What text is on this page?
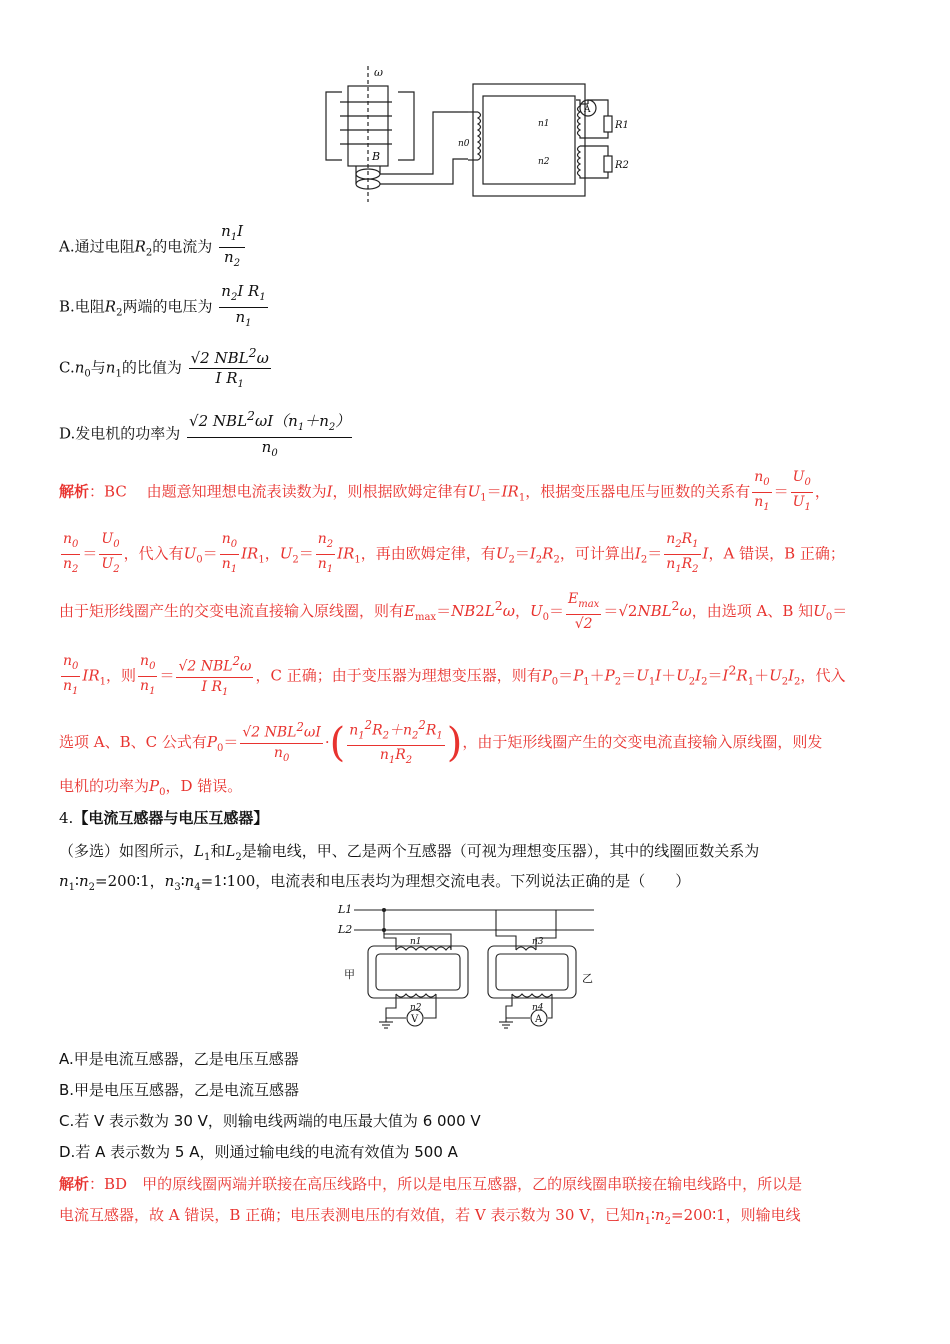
ω
B
n0
n1
n2
R1
R2
A
A.通过电阻$R_2$的电流为 $\frac{n_1I}{n_2}$
B.电阻$R_2$两端的电压为 $\frac{n_2I R_1}{n_1}$
$C.n_0$与$n_1$的比值为 $\frac{√2 NBL^2\omega}{I R_1}$
D.发电机的功率为 $\frac{√2 NBL^2\omega I(n_1+n_2)}{n_0}$
解析：BC　 由题意知理想电流表读数为I，则根据欧姆定律有$U_1=IR_1$，根据变压器电压与匝数的关系有 $\frac{n_0}{n_1} = \frac{U_0}{U_1}$ ，
$\frac{n_0}{n_2} = \frac{U_0}{U_2}$ ，代入有$U_0= \frac{n_0}{n_1} IR_1$，$U_2= \frac{n_2}{n_1} IR_1$，再由欧姆定律，有$U_2=I_2R_2$，可计算出$I_2= \frac{n_2R_1}{n_1R_2}$ I，A 错误，B 正确；
由于矩形线圈产生的交变电流直接输入原线圈，则有$E_{max}=NB2L^2\omega$，$U_0= \frac{E_{max}}{√2} =√2NBL^2\omega$，由选项 A、B 知$U_0=$
$\frac{n_0}{n_1} IR_1$，则 $\frac{n_0}{n_1} = \frac{√2 NBL^2\omega}{I R_1}$ ，C 正确；由于变压器为理想变压器，则有$P_0=P_1+P_2=U_1I+U_2I_2=I^2R_1+U_2I_2$，代入
选项 A、B、C 公式有$P_0= \frac{√2 NBL^2\omega I}{n_0}$ ·( $\frac{n_1^2R_2+n_2^2R_1}{n_1R_2}$ )，由于矩形线圈产生的交变电流直接输入原线圈，则发
电机的功率为$P_0$，D 错误。
4.【电流互感器与电压互感器】
（多选）如图所示，$L_1$和$L_2$是输电线，甲、乙是两个互感器（可视为理想变压器），其中的线圈匝数关系为
$n_1∶n_2=200∶1$，$n_3∶n_4=1∶100$，电流表和电压表均为理想交流电表。下列说法正确的是（　　）
L1
L2
甲	乙
n1
n2
n3
n4
V	A
A.甲是电流互感器，乙是电压互感器
B.甲是电压互感器，乙是电流互感器
C.若 V 表示数为 30 V，则输电线两端的电压最大值为 6 000 V
D.若 A 表示数为 5 A，则通过输电线的电流有效值为 500 A
解析：BD　 甲的原线圈两端并联接在高压线路中，所以是电压互感器，乙的原线圈串联接在输电线路中，所以是
电流互感器，故 A 错误，B 正确；电压表测电压的有效值，若 V 表示数为 30 V，已知$n_1∶n_2=200∶1$，则输电线
